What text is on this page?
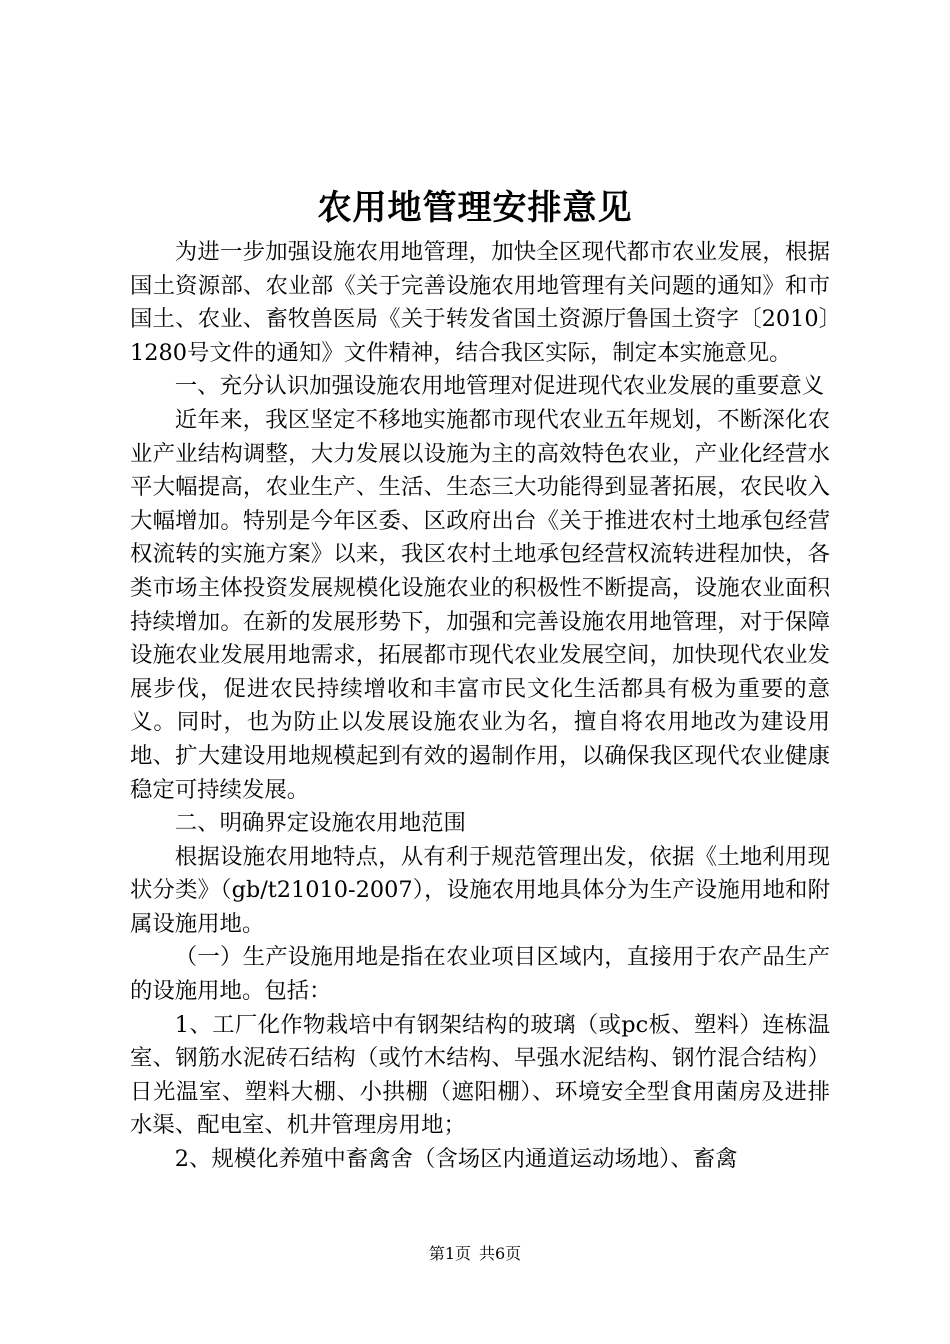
农用地管理安排意见

为进一步加强设施农用地管理，加快全区现代都市农业发展，根据国土资源部、农业部《关于完善设施农用地管理有关问题的通知》和市国土、农业、畜牧兽医局《关于转发省国土资源厅鲁国土资字〔2010〕1280号文件的通知》文件精神，结合我区实际，制定本实施意见。

一、充分认识加强设施农用地管理对促进现代农业发展的重要意义

近年来，我区坚定不移地实施都市现代农业五年规划，不断深化农业产业结构调整，大力发展以设施为主的高效特色农业，产业化经营水平大幅提高，农业生产、生活、生态三大功能得到显著拓展，农民收入大幅增加。特别是今年区委、区政府出台《关于推进农村土地承包经营权流转的实施方案》以来，我区农村土地承包经营权流转进程加快，各类市场主体投资发展规模化设施农业的积极性不断提高，设施农业面积持续增加。在新的发展形势下，加强和完善设施农用地管理，对于保障设施农业发展用地需求，拓展都市现代农业发展空间，加快现代农业发展步伐，促进农民持续增收和丰富市民文化生活都具有极为重要的意义。同时，也为防止以发展设施农业为名，擅自将农用地改为建设用地、扩大建设用地规模起到有效的遏制作用，以确保我区现代农业健康稳定可持续发展。

二、明确界定设施农用地范围

根据设施农用地特点，从有利于规范管理出发，依据《土地利用现状分类》（gb/t21010-2007），设施农用地具体分为生产设施用地和附属设施用地。

（一）生产设施用地是指在农业项目区域内，直接用于农产品生产的设施用地。包括：

1、工厂化作物栽培中有钢架结构的玻璃（或pc板、塑料）连栋温室、钢筋水泥砖石结构（或竹木结构、早强水泥结构、钢竹混合结构）日光温室、塑料大棚、小拱棚（遮阳棚）、环境安全型食用菌房及进排水渠、配电室、机井管理房用地；

2、规模化养殖中畜禽舍（含场区内通道运动场地）、畜禽

第1页 共6页
